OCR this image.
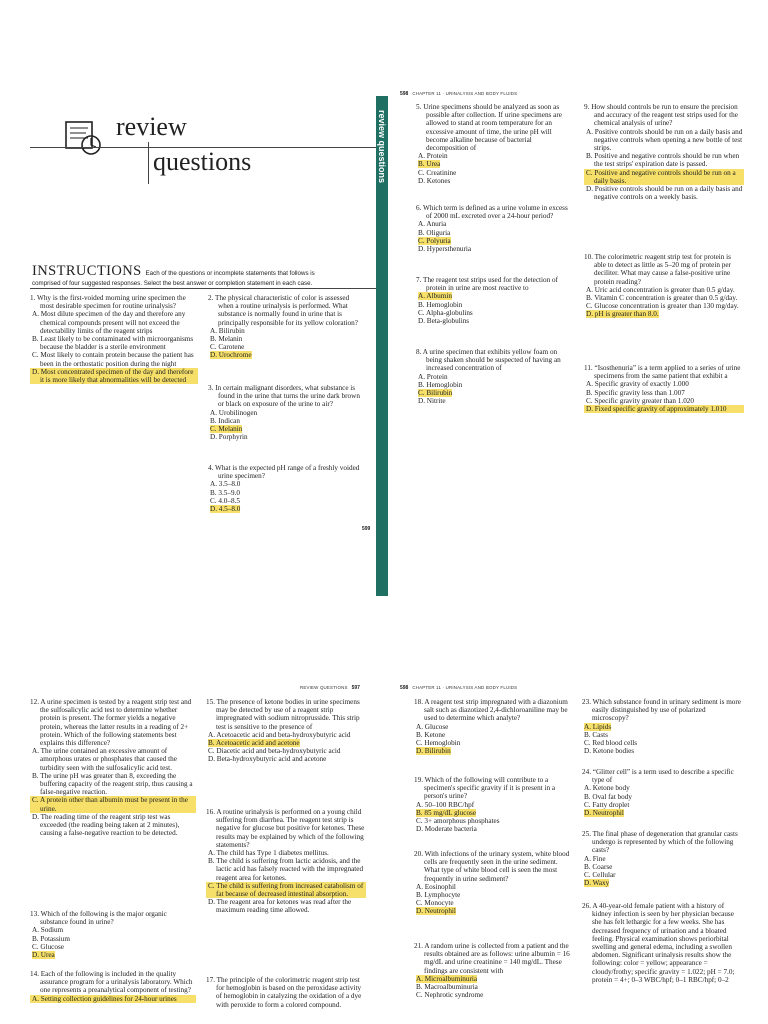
review
questions
INSTRUCTIONS Each of the questions or incomplete statements that follows is
comprised of four suggested responses. Select the best answer or completion statement in each case.
review questions

1. Why is the first-voided morning urine specimen the most desirable specimen for routine urinalysis?

A. Most dilute specimen of the day and therefore any chemical compounds present will not exceed the detectability limits of the reagent strips

B. Least likely to be contaminated with microorganisms because the bladder is a sterile environment

C. Most likely to contain protein because the patient has been in the orthostatic position during the night

D. Most concentrated specimen of the day and therefore it is more likely that abnormalities will be detected

2. The physical characteristic of color is assessed when a routine urinalysis is performed. What substance is normally found in urine that is principally responsible for its yellow coloration?

A. Bilirubin

B. Melanin

C. Carotene

D. Urochrome

3. In certain malignant disorders, what substance is found in the urine that turns the urine dark brown or black on exposure of the urine to air?

A. Urobilinogen

B. Indican

C. Melanin

D. Porphyrin

4. What is the expected pH range of a freshly voided urine specimen?

A. 3.5–8.0

B. 3.5–9.0

C. 4.0–8.5

D. 4.5–8.0

599
598 CHAPTER 11 · URINALYSIS AND BODY FLUIDS

5. Urine specimens should be analyzed as soon as possible after collection. If urine specimens are allowed to stand at room temperature for an excessive amount of time, the urine pH will become alkaline because of bacterial decomposition of

A. Protein

B. Urea

C. Creatinine

D. Ketones

6. Which term is defined as a urine volume in excess of 2000 mL excreted over a 24-hour period?

A. Anuria

B. Oliguria

C. Polyuria

D. Hypersthenuria

7. The reagent test strips used for the detection of protein in urine are most reactive to

A. Albumin

B. Hemoglobin

C. Alpha-globulins

D. Beta-globulins

8. A urine specimen that exhibits yellow foam on being shaken should be suspected of having an increased concentration of

A. Protein

B. Hemoglobin

C. Bilirubin

D. Nitrite

9. How should controls be run to ensure the precision and accuracy of the reagent test strips used for the chemical analysis of urine?

A. Positive controls should be run on a daily basis and negative controls when opening a new bottle of test strips.

B. Positive and negative controls should be run when the test strips' expiration date is passed.

C. Positive and negative controls should be run on a daily basis.

D. Positive controls should be run on a daily basis and negative controls on a weekly basis.

10. The colorimetric reagent strip test for protein is able to detect as little as 5–20 mg of protein per deciliter. What may cause a false-positive urine protein reading?

A. Uric acid concentration is greater than 0.5 g/day.

B. Vitamin C concentration is greater than 0.5 g/day.

C. Glucose concentration is greater than 130 mg/day.

D. pH is greater than 8.0.

11. “Isosthenuria” is a term applied to a series of urine specimens from the same patient that exhibit a

A. Specific gravity of exactly 1.000

B. Specific gravity less than 1.007

C. Specific gravity greater than 1.020

D. Fixed specific gravity of approximately 1.010

REVIEW QUESTIONS 597

12. A urine specimen is tested by a reagent strip test and the sulfosalicylic acid test to determine whether protein is present. The former yields a negative protein, whereas the latter results in a reading of 2+ protein. Which of the following statements best explains this difference?

A. The urine contained an excessive amount of amorphous urates or phosphates that caused the turbidity seen with the sulfosalicylic acid test.

B. The urine pH was greater than 8, exceeding the buffering capacity of the reagent strip, thus causing a false-negative reaction.

C. A protein other than albumin must be present in the urine.

D. The reading time of the reagent strip test was exceeded (the reading being taken at 2 minutes), causing a false-negative reaction to be detected.

13. Which of the following is the major organic substance found in urine?

A. Sodium

B. Potassium

C. Glucose

D. Urea

14. Each of the following is included in the quality assurance program for a urinalysis laboratory. Which one represents a preanalytical component of testing?

A. Setting collection guidelines for 24-hour urines

15. The presence of ketone bodies in urine specimens may be detected by use of a reagent strip impregnated with sodium nitroprusside. This strip test is sensitive to the presence of

A. Acetoacetic acid and beta-hydroxybutyric acid

B. Acetoacetic acid and acetone

C. Diacetic acid and beta-hydroxybutyric acid

D. Beta-hydroxybutyric acid and acetone

16. A routine urinalysis is performed on a young child suffering from diarrhea. The reagent test strip is negative for glucose but positive for ketones. These results may be explained by which of the following statements?

A. The child has Type 1 diabetes mellitus.

B. The child is suffering from lactic acidosis, and the lactic acid has falsely reacted with the impregnated reagent area for ketones.

C. The child is suffering from increased catabolism of fat because of decreased intestinal absorption.

D. The reagent area for ketones was read after the maximum reading time allowed.

17. The principle of the colorimetric reagent strip test for hemoglobin is based on the peroxidase activity of hemoglobin in catalyzing the oxidation of a dye with peroxide to form a colored compound.

598 CHAPTER 11 · URINALYSIS AND BODY FLUIDS

18. A reagent test strip impregnated with a diazonium salt such as diazotized 2,4-dichloroaniline may be used to determine which analyte?

A. Glucose

B. Ketone

C. Hemoglobin

D. Bilirubin

19. Which of the following will contribute to a specimen's specific gravity if it is present in a person's urine?

A. 50–100 RBC/hpf

B. 85 mg/dL glucose

C. 3+ amorphous phosphates

D. Moderate bacteria

20. With infections of the urinary system, white blood cells are frequently seen in the urine sediment. What type of white blood cell is seen the most frequently in urine sediment?

A. Eosinophil

B. Lymphocyte

C. Monocyte

D. Neutrophil

21. A random urine is collected from a patient and the results obtained are as follows: urine albumin = 16 mg/dL and urine creatinine = 140 mg/dL. These findings are consistent with

A. Microalbuminuria

B. Macroalbuminuria

C. Nephrotic syndrome

23. Which substance found in urinary sediment is more easily distinguished by use of polarized microscopy?

A. Lipids

B. Casts

C. Red blood cells

D. Ketone bodies

24. “Glitter cell” is a term used to describe a specific type of

A. Ketone body

B. Oval fat body

C. Fatty droplet

D. Neutrophil

25. The final phase of degeneration that granular casts undergo is represented by which of the following casts?

A. Fine

B. Coarse

C. Cellular

D. Waxy

26. A 40-year-old female patient with a history of kidney infection is seen by her physician because she has felt lethargic for a few weeks. She has decreased frequency of urination and a bloated feeling. Physical examination shows periorbital swelling and general edema, including a swollen abdomen. Significant urinalysis results show the following: color = yellow; appearance = cloudy/frothy; specific gravity = 1.022; pH = 7.0; protein = 4+; 0–3 WBC/hpf; 0–1 RBC/hpf; 0–2
